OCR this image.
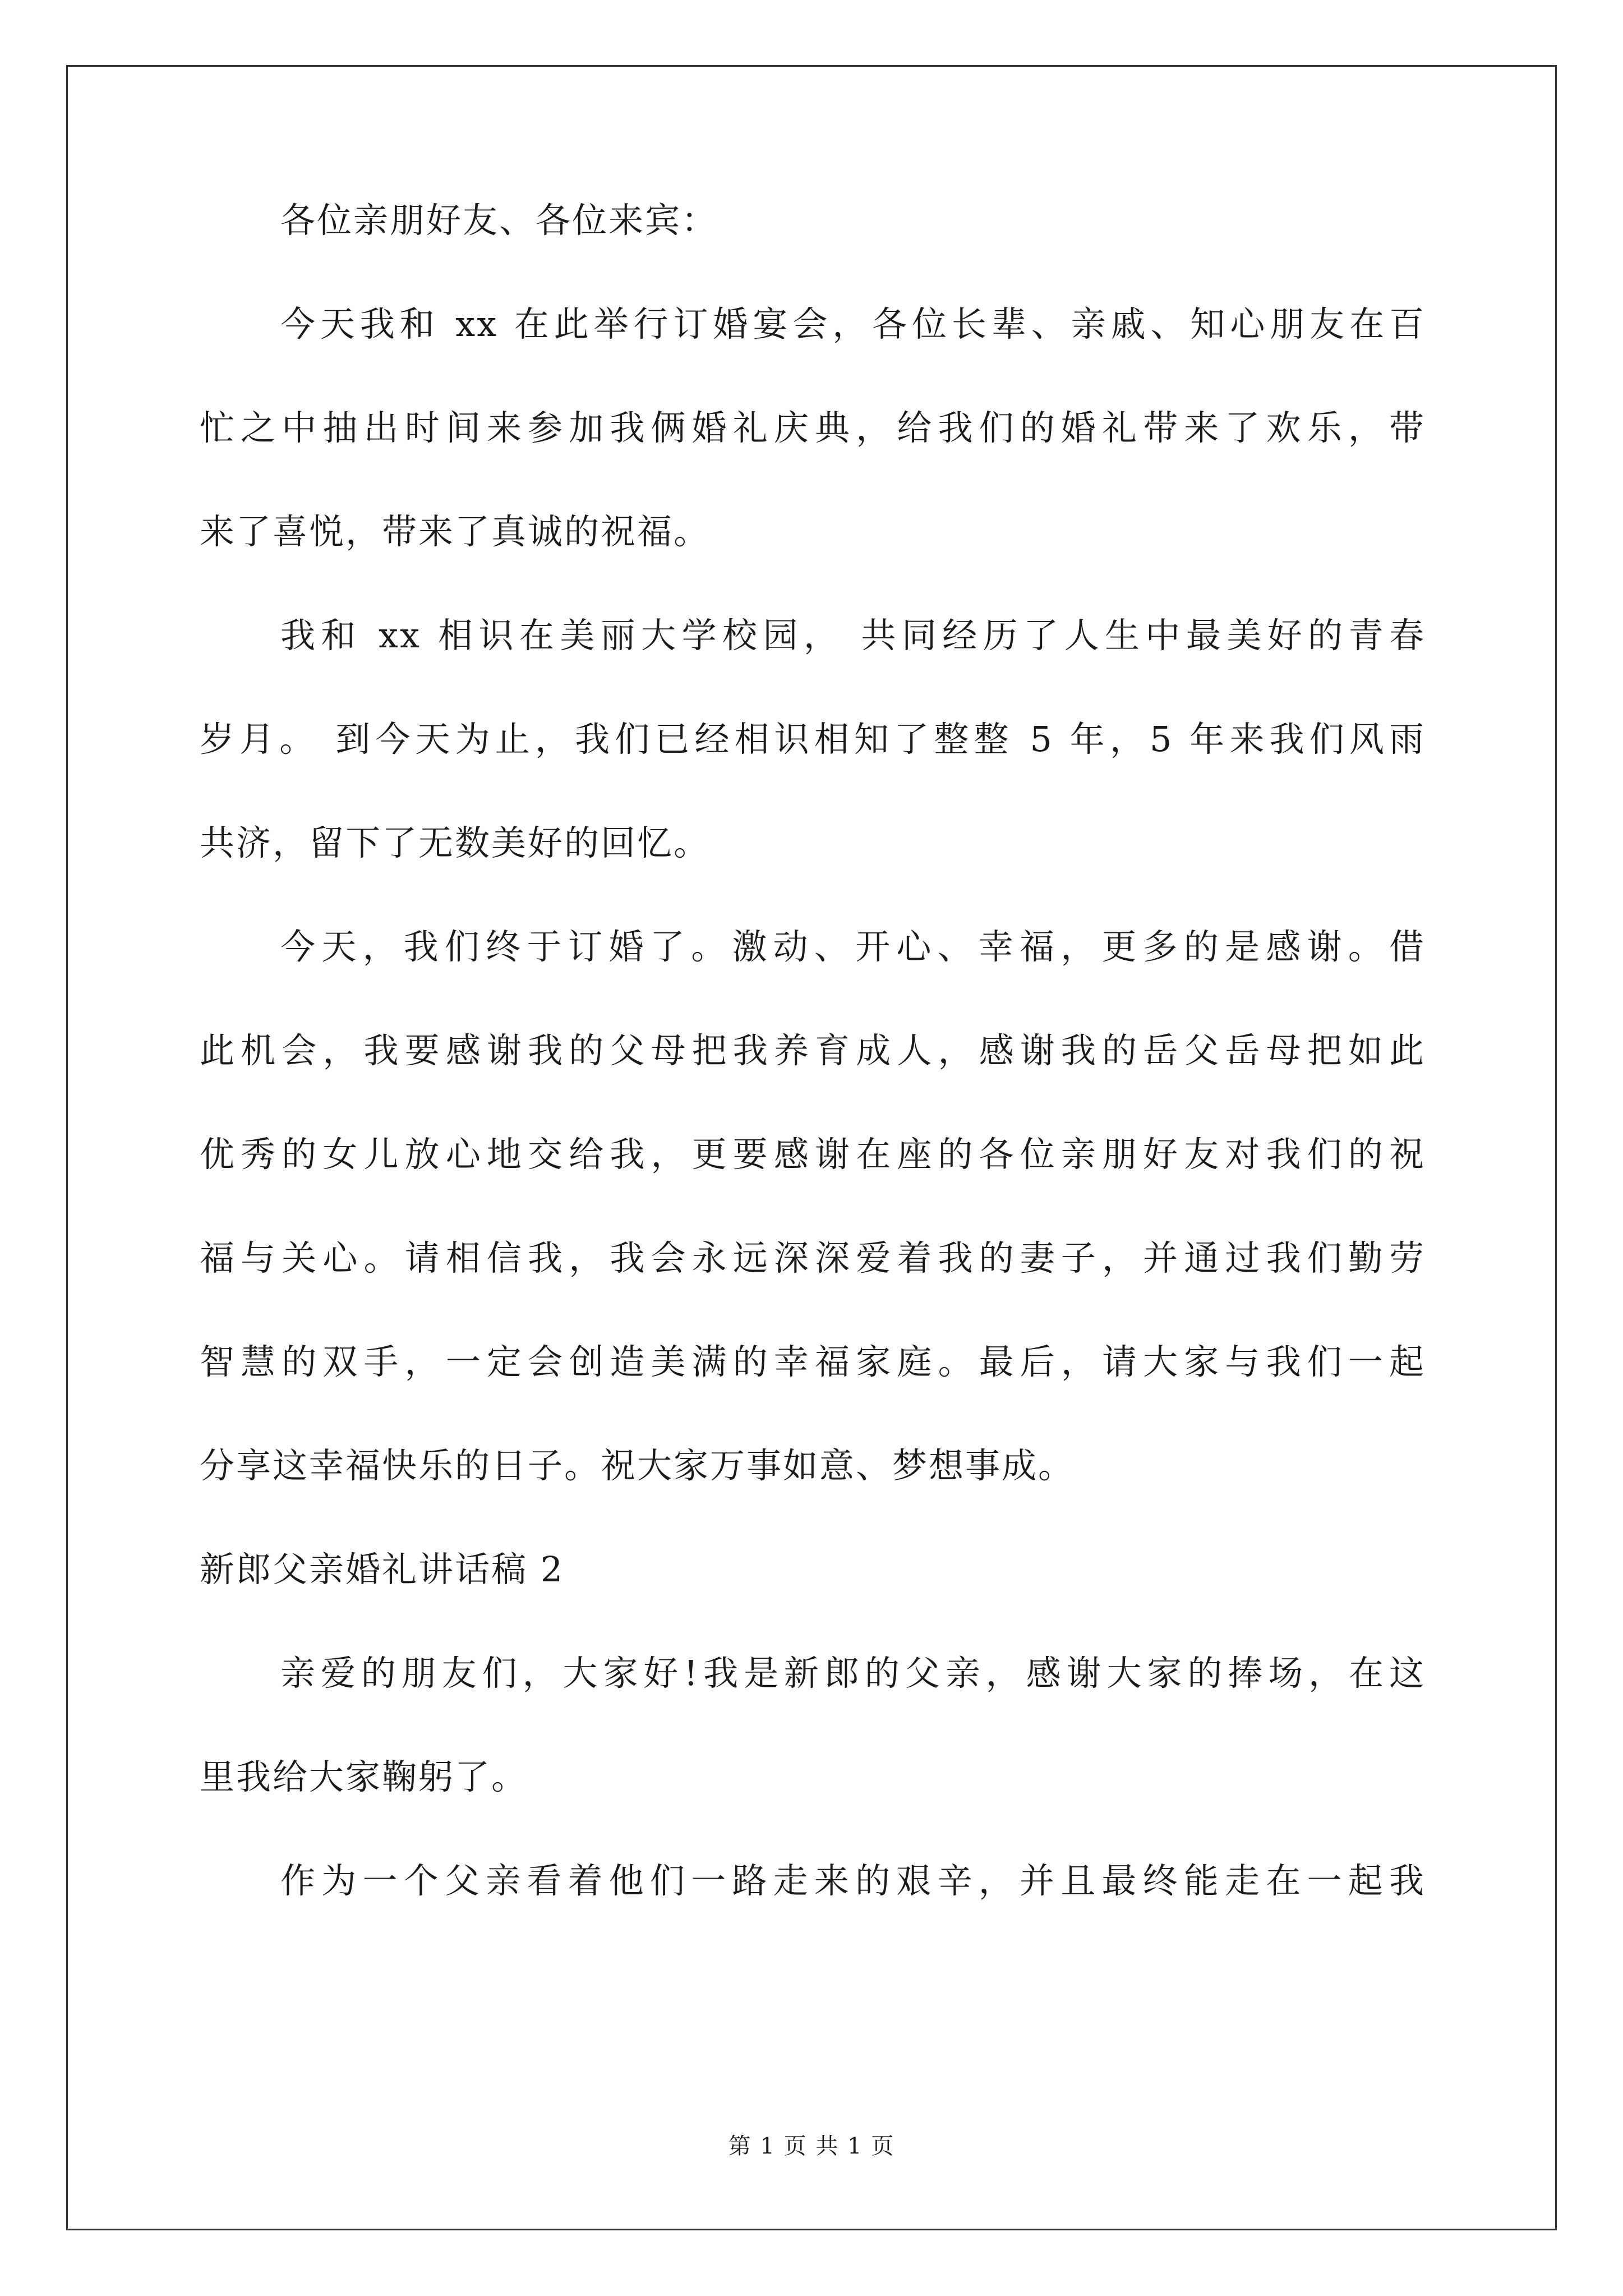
各位亲朋好友、各位来宾：
今天我和 xx 在此举行订婚宴会，各位长辈、亲戚、知心朋友在百
忙之中抽出时间来参加我俩婚礼庆典，给我们的婚礼带来了欢乐，带
来了喜悦，带来了真诚的祝福。
我和 xx 相识在美丽大学校园， 共同经历了人生中最美好的青春
岁月。 到今天为止，我们已经相识相知了整整 5 年，5 年来我们风雨
共济，留下了无数美好的回忆。
今天，我们终于订婚了。激动、开心、幸福，更多的是感谢。借
此机会，我要感谢我的父母把我养育成人，感谢我的岳父岳母把如此
优秀的女儿放心地交给我，更要感谢在座的各位亲朋好友对我们的祝
福与关心。请相信我，我会永远深深爱着我的妻子，并通过我们勤劳
智慧的双手，一定会创造美满的幸福家庭。最后，请大家与我们一起
分享这幸福快乐的日子。祝大家万事如意、梦想事成。
新郎父亲婚礼讲话稿 2
亲爱的朋友们，大家好!我是新郎的父亲，感谢大家的捧场，在这
里我给大家鞠躬了。
作为一个父亲看着他们一路走来的艰辛，并且最终能走在一起我
第 1 页 共 1 页
